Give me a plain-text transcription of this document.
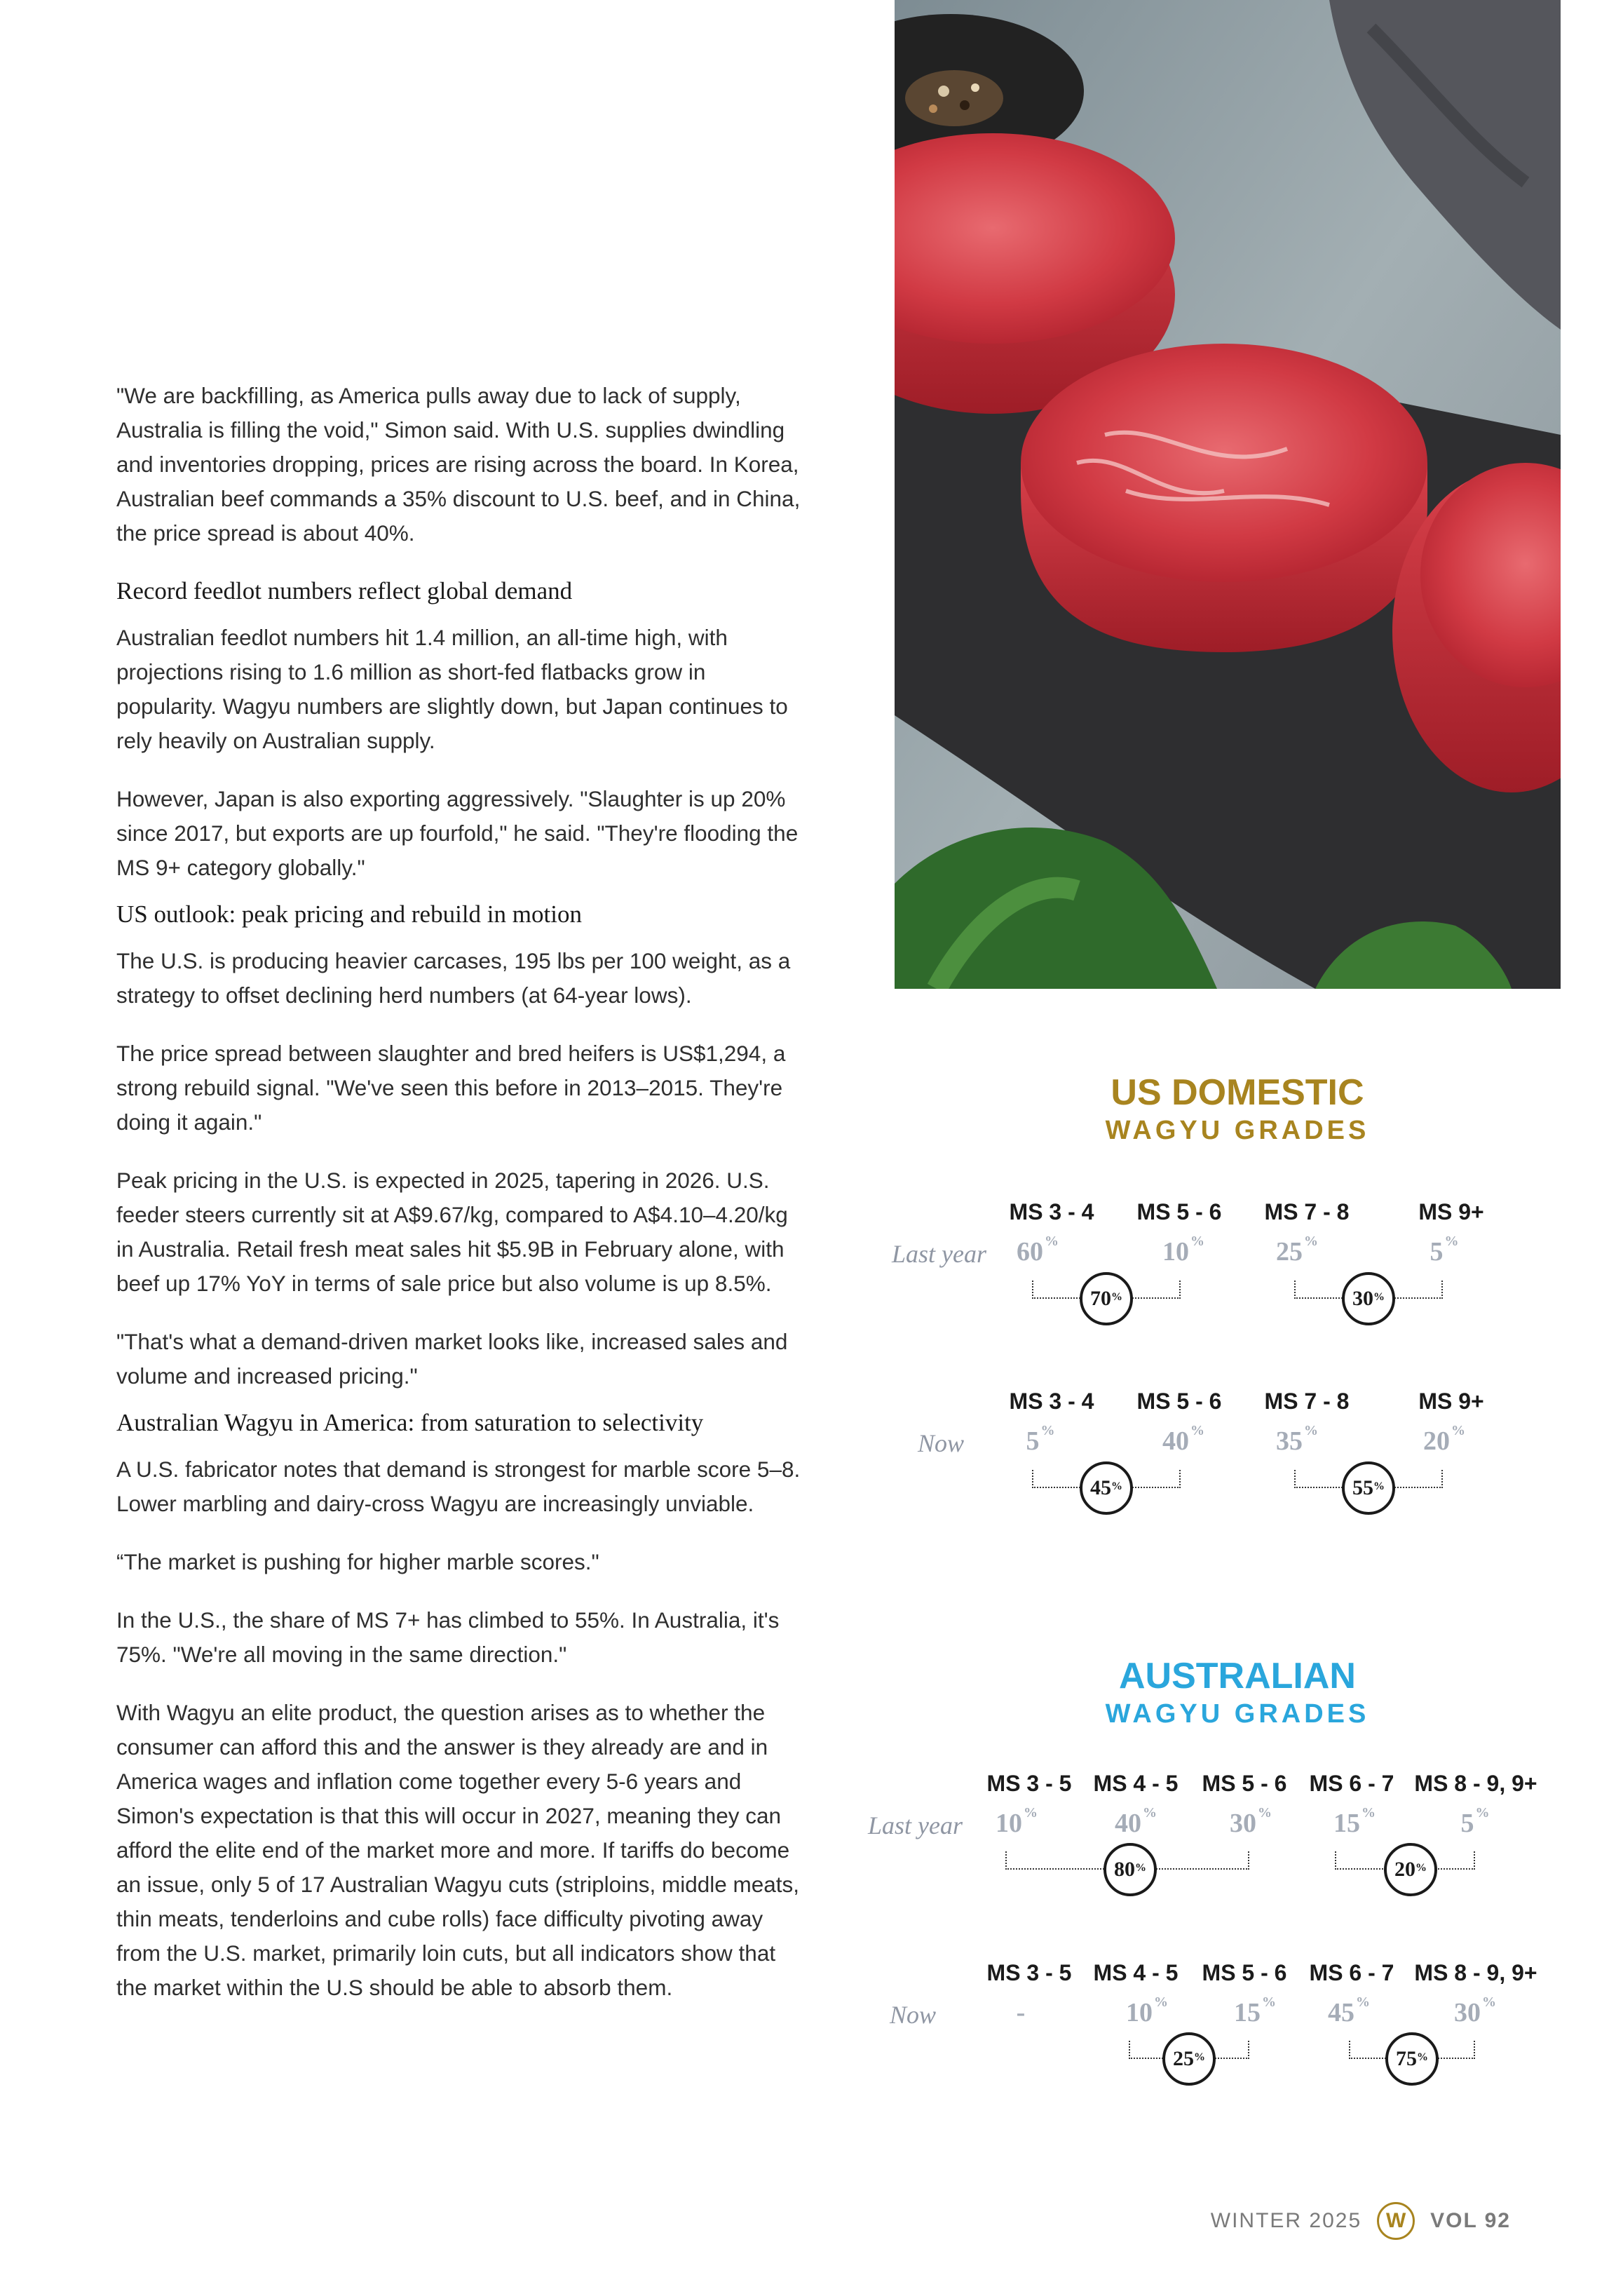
"We are backfilling, as America pulls away due to lack of supply, Australia is filling the void," Simon said. With U.S. supplies dwindling and inventories dropping, prices are rising across the board. In Korea, Australian beef commands a 35% discount to U.S. beef, and in China, the price spread is about 40%.

Record feedlot numbers reflect global demand

Australian feedlot numbers hit 1.4 million, an all-time high, with projections rising to 1.6 million as short-fed flatbacks grow in popularity. Wagyu numbers are slightly down, but Japan continues to rely heavily on Australian supply.

However, Japan is also exporting aggressively. "Slaughter is up 20% since 2017, but exports are up fourfold," he said. "They're flooding the MS 9+ category globally."

US outlook: peak pricing and rebuild in motion

The U.S. is producing heavier carcases, 195 lbs per 100 weight, as a strategy to offset declining herd numbers (at 64-year lows).

The price spread between slaughter and bred heifers is US$1,294, a strong rebuild signal. "We've seen this before in 2013–2015. They're doing it again."

Peak pricing in the U.S. is expected in 2025, tapering in 2026. U.S. feeder steers currently sit at A$9.67/kg, compared to A$4.10–4.20/kg in Australia. Retail fresh meat sales hit $5.9B in February alone, with beef up 17% YoY in terms of sale price but also volume is up 8.5%.

"That's what a demand-driven market looks like, increased sales and volume and increased pricing."

Australian Wagyu in America: from saturation to selectivity

A U.S. fabricator notes that demand is strongest for marble score 5–8. Lower marbling and dairy-cross Wagyu are increasingly unviable.

“The market is pushing for higher marble scores."

In the U.S., the share of MS 7+ has climbed to 55%. In Australia, it's 75%. "We're all moving in the same direction."

With Wagyu an elite product, the question arises as to whether the consumer can afford this and the answer is they already are and in America wages and inflation come together every 5-6 years and Simon's expectation is that this will occur in 2027, meaning they can afford the elite end of the market more and more. If tariffs do become an issue, only 5 of 17 Australian Wagyu cuts (striploins, middle meats, thin meats, tenderloins and cube rolls) face difficulty pivoting away from the U.S. market, primarily loin cuts, but all indicators show that the market within the U.S should be able to absorb them.

US DOMESTIC
WAGYU GRADES
MS 3 - 4 MS 5 - 6 MS 7 - 8	MS 9+
Last year 60 %	10 %	25 %	5 %
70%	30%
MS 3 - 4 MS 5 - 6 MS 7 - 8	MS 9+
Now 5 %	40 %	35 %	20 %
45%	55%
AUSTRALIAN
WAGYU GRADES
MS 3 - 5 MS 4 - 5 MS 5 - 6 MS 6 - 7 MS 8 - 9, 9+
Last year 10 %	40 %	30 % 15 %	5 %
80%	20%
MS 3 - 5 MS 4 - 5 MS 5 - 6 MS 6 - 7 MS 8 - 9, 9+
Now	-	10 % 15 % 45 %	30 %
25%	75%
WINTER 2025	W	VOL 92
